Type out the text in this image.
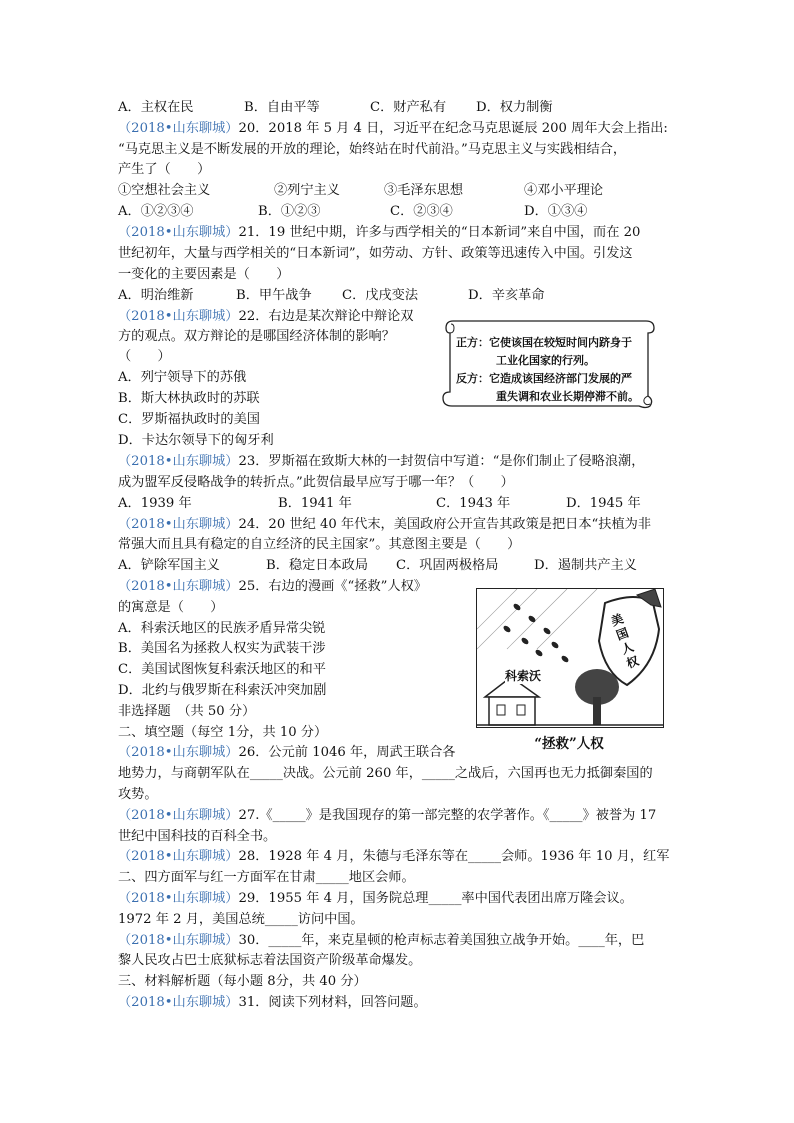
A．主权在民	B．自由平等	C．财产私有	D．权力制衡
（2018•山东聊城）20．2018 年 5 月 4 日，习近平在纪念马克思诞辰 200 周年大会上指出:
“马克思主义是不断发展的开放的理论，始终站在时代前沿。”马克思主义与实践相结合，
产生了（　　）
①空想社会主义	②列宁主义	③毛泽东思想	④邓小平理论
A．①②③④	B．①②③	C．②③④	D．①③④
（2018•山东聊城）21．19 世纪中期，许多与西学相关的“日本新词”来自中国，而在 20
世纪初年，大量与西学相关的“日本新词”，如劳动、方针、政策等迅速传入中国。引发这
一变化的主要因素是（　　）
A．明治维新	B．甲午战争	C．戊戌变法	D．辛亥革命
（2018•山东聊城）22．右边是某次辩论中辩论双
方的观点。双方辩论的是哪国经济体制的影响？
（　　）
A．列宁领导下的苏俄
B．斯大林执政时的苏联
C．罗斯福执政时的美国
D．卡达尔领导下的匈牙利
正方：它使该国在较短时间内跻身于
工业化国家的行列。
反方：它造成该国经济部门发展的严
重失调和农业长期停滞不前。
（2018•山东聊城）23．罗斯福在致斯大林的一封贺信中写道：“是你们制止了侵略浪潮，
成为盟军反侵略战争的转折点。”此贺信最早应写于哪一年？（　　）
A．1939 年	B．1941 年	C．1943 年	D．1945 年
（2018•山东聊城）24．20 世纪 40 年代末，美国政府公开宣告其政策是把日本“扶植为非
常强大而且具有稳定的自立经济的民主国家”。其意图主要是（　　）
A．铲除军国主义	B．稳定日本政局	C．巩固两极格局	D．遏制共产主义
（2018•山东聊城）25．右边的漫画《“拯救”人权》
的寓意是（　　）
A．科索沃地区的民族矛盾异常尖锐
B．美国名为拯救人权实为武装干涉
C．美国试图恢复科索沃地区的和平
D．北约与俄罗斯在科索沃冲突加剧
美
国
人
权
科索沃
“拯救”人权
非选择题　（共 50 分）
二、填空题（每空 1分，共 10 分）
（2018•山东聊城）26．公元前 1046 年，周武王联合各
地势力，与商朝军队在_____决战。公元前 260 年，_____之战后，六国再也无力抵御秦国的
攻势。
（2018•山东聊城）27.《_____》是我国现存的第一部完整的农学著作。《_____》被誉为 17
世纪中国科技的百科全书。
（2018•山东聊城）28．1928 年 4 月，朱德与毛泽东等在_____会师。1936 年 10 月，红军
二、四方面军与红一方面军在甘肃_____地区会师。
（2018•山东聊城）29．1955 年 4 月，国务院总理_____率中国代表团出席万隆会议。
1972 年 2 月，美国总统_____访问中国。
（2018•山东聊城）30．_____年，来克星顿的枪声标志着美国独立战争开始。____年，巴
黎人民攻占巴士底狱标志着法国资产阶级革命爆发。
三、材料解析题（每小题 8分，共 40 分）
（2018•山东聊城）31．阅读下列材料，回答问题。
